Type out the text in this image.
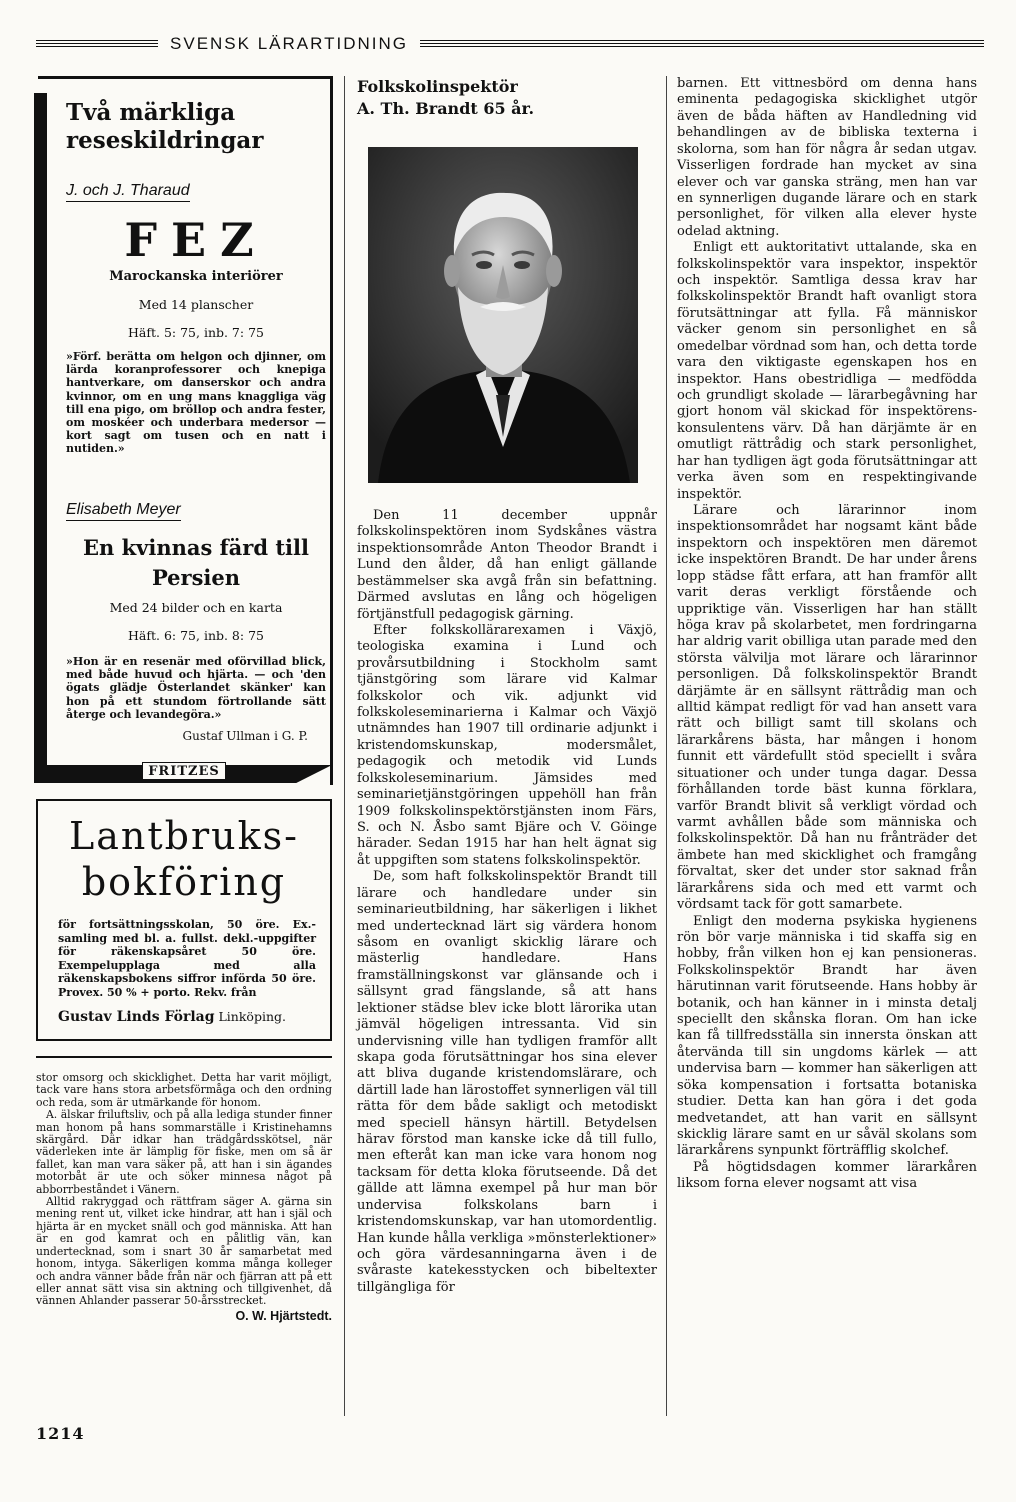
SVENSK LÄRARTIDNING
Två märkliga reseskildringar
J. och J. Tharaud
FEZ
Marockanska interiörer
Med 14 planscher
Häft. 5: 75, inb. 7: 75
»Förf. berätta om helgon och djinner, om lärda koranprofessorer och knepiga hantverkare, om danserskor och andra kvinnor, om en ung mans knaggliga väg till ena pigo, om bröllop och andra fester, om moskéer och underbara medersor — kort sagt om tusen och en natt i nutiden.»
Elisabeth Meyer
En kvinnas färd till Persien
Med 24 bilder och en karta
Häft. 6: 75, inb. 8: 75
»Hon är en resenär med oförvillad blick, med både huvud och hjärta. — och 'den ögats glädje Österlandet skänker' kan hon på ett stundom förtrollande sätt återge och levandegöra.»
Gustaf Ullman i G. P.
FRITZES
Lantbruks-
bokföring
för fortsättningsskolan, 50 öre. Ex.-samling med bl. a. fullst. dekl.-uppgifter för räkenskapsåret 50 öre. Exempelupplaga med alla räkenskapsbokens siffror införda 50 öre. Provex. 50 % + porto. Rekv. från
Gustav Linds Förlag Linköping.

stor omsorg och skicklighet. Detta har varit möjligt, tack vare hans stora arbetsförmåga och den ordning och reda, som är utmärkande för honom.

A. älskar friluftsliv, och på alla lediga stunder finner man honom på hans sommarställe i Kristinehamns skärgård. Där idkar han trädgårdsskötsel, när väderleken inte är lämplig för fiske, men om så är fallet, kan man vara säker på, att han i sin ägandes motorbåt är ute och söker minnesa något på abborrbeståndet i Vänern.

Alltid rakryggad och rättfram säger A. gärna sin mening rent ut, vilket icke hindrar, att han i själ och hjärta är en mycket snäll och god människa. Att han är en god kamrat och en pålitlig vän, kan undertecknad, som i snart 30 år samarbetat med honom, intyga. Säkerligen komma många kolleger och andra vänner både från när och fjärran att på ett eller annat sätt visa sin aktning och tillgivenhet, då vännen Ahlander passerar 50-årsstrecket.

O. W. Hjärtstedt.
1214
Folkskolinspektör
A. Th. Brandt 65 år.

Den 11 december uppnår folkskolinspektören inom Sydskånes västra inspektionsområde Anton Theodor Brandt i Lund den ålder, då han enligt gällande bestämmelser ska avgå från sin befattning. Därmed avslutas en lång och högeligen förtjänstfull pedagogisk gärning.

Efter folkskollärarexamen i Växjö, teologiska examina i Lund och provårsutbildning i Stockholm samt tjänstgöring som lärare vid Kalmar folkskolor och vik. adjunkt vid folkskoleseminarierna i Kalmar och Växjö utnämndes han 1907 till ordinarie adjunkt i kristendomskunskap, modersmålet, pedagogik och metodik vid Lunds folkskoleseminarium. Jämsides med seminarietjänstgöringen uppehöll han från 1909 folkskolinspektörstjänsten inom Färs, S. och N. Åsbo samt Bjäre och V. Göinge härader. Sedan 1915 har han helt ägnat sig åt uppgiften som statens folkskolinspektör.

De, som haft folkskolinspektör Brandt till lärare och handledare under sin seminarieutbildning, har säkerligen i likhet med undertecknad lärt sig värdera honom såsom en ovanligt skicklig lärare och mästerlig handledare. Hans framställningskonst var glänsande och i sällsynt grad fängslande, så att hans lektioner städse blev icke blott lärorika utan jämväl högeligen intressanta. Vid sin undervisning ville han tydligen framför allt skapa goda förutsättningar hos sina elever att bliva dugande kristendomslärare, och därtill lade han lärostoffet synnerligen väl till rätta för dem både sakligt och metodiskt med speciell hänsyn härtill. Betydelsen härav förstod man kanske icke då till fullo, men efteråt kan man icke vara honom nog tacksam för detta kloka förutseende. Då det gällde att lämna exempel på hur man bör undervisa folkskolans barn i kristendomskunskap, var han utomordentlig. Han kunde hålla verkliga »mönsterlektioner» och göra värdesanningarna även i de svåraste katekesstycken och bibeltexter tillgängliga för

barnen. Ett vittnesbörd om denna hans eminenta pedagogiska skicklighet utgör även de båda häften av Handledning vid behandlingen av de bibliska texterna i skolorna, som han för några år sedan utgav. Visserligen fordrade han mycket av sina elever och var ganska sträng, men han var en synnerligen dugande lärare och en stark personlighet, för vilken alla elever hyste odelad aktning.

Enligt ett auktoritativt uttalande, ska en folkskolinspektör vara inspektor, inspektör och inspektör. Samtliga dessa krav har folkskolinspektör Brandt haft ovanligt stora förutsättningar att fylla. Få människor väcker genom sin personlighet en så omedelbar vördnad som han, och detta torde vara den viktigaste egenskapen hos en inspektor. Hans obestridliga — medfödda och grundligt skolade — lärarbegåvning har gjort honom väl skickad för inspektörens-konsulentens värv. Då han därjämte är en omutligt rättrådig och stark personlighet, har han tydligen ägt goda förutsättningar att verka även som en respektingivande inspektör.

Lärare och lärarinnor inom inspektionsområdet har nogsamt känt både inspektorn och inspektören men däremot icke inspektören Brandt. De har under årens lopp städse fått erfara, att han framför allt varit deras verkligt förstående och uppriktige vän. Visserligen har han ställt höga krav på skolarbetet, men fordringarna har aldrig varit obilliga utan parade med den största välvilja mot lärare och lärarinnor personligen. Då folkskolinspektör Brandt därjämte är en sällsynt rättrådig man och alltid kämpat redligt för vad han ansett vara rätt och billigt samt till skolans och lärarkårens bästa, har mången i honom funnit ett värdefullt stöd speciellt i svåra situationer och under tunga dagar. Dessa förhållanden torde bäst kunna förklara, varför Brandt blivit så verkligt vördad och varmt avhållen både som människa och folkskolinspektör. Då han nu frånträder det ämbete han med skicklighet och framgång förvaltat, sker det under stor saknad från lärarkårens sida och med ett varmt och vördsamt tack för gott samarbete.

Enligt den moderna psykiska hygienens rön bör varje människa i tid skaffa sig en hobby, från vilken hon ej kan pensioneras. Folkskolinspektör Brandt har även härutinnan varit förutseende. Hans hobby är botanik, och han känner in i minsta detalj speciellt den skånska floran. Om han icke kan få tillfredsställa sin innersta önskan att återvända till sin ungdoms kärlek — att undervisa barn — kommer han säkerligen att söka kompensation i fortsatta botaniska studier. Detta kan han göra i det goda medvetandet, att han varit en sällsynt skicklig lärare samt en ur såväl skolans som lärarkårens synpunkt förträfflig skolchef.

På högtidsdagen kommer lärarkåren liksom forna elever nogsamt att visa
